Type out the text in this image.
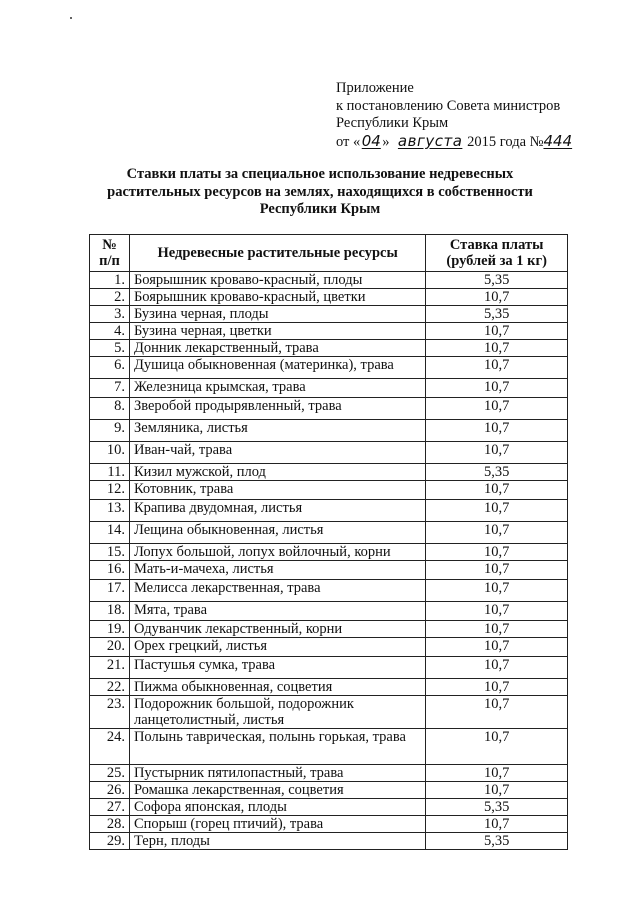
Приложение
к постановлению Совета министров
Республики Крым
от «04» августа 2015 года №444
Ставки платы за специальное использование недревесных
растительных ресурсов на землях, находящихся в собственности
Республики Крым
№
п/п	Недревесные растительные ресурсы	Ставка платы
(рублей за 1 кг)

1.	Боярышник кроваво-красный, плоды	5,35
2.	Боярышник кроваво-красный, цветки	10,7
3.	Бузина черная, плоды	5,35
4.	Бузина черная, цветки	10,7
5.	Донник лекарственный, трава	10,7
6.	Душица обыкновенная (материнка), трава	10,7
7.	Железница крымская, трава	10,7
8.	Зверобой продырявленный, трава	10,7
9.	Земляника, листья	10,7
10.	Иван-чай, трава	10,7
11.	Кизил мужской, плод	5,35
12.	Котовник, трава	10,7
13.	Крапива двудомная, листья	10,7
14.	Лещина обыкновенная, листья	10,7
15.	Лопух большой, лопух войлочный, корни	10,7
16.	Мать-и-мачеха, листья	10,7
17.	Мелисса лекарственная, трава	10,7
18.	Мята, трава	10,7
19.	Одуванчик лекарственный, корни	10,7
20.	Орех грецкий, листья	10,7
21.	Пастушья сумка, трава	10,7
22.	Пижма обыкновенная, соцветия	10,7
23.	Подорожник большой, подорожник ланцетолистный, листья	10,7
24.	Полынь таврическая, полынь горькая, трава	10,7
25.	Пустырник пятилопастный, трава	10,7
26.	Ромашка лекарственная, соцветия	10,7
27.	Софора японская, плоды	5,35
28.	Спорыш (горец птичий), трава	10,7
29.	Терн, плоды	5,35
